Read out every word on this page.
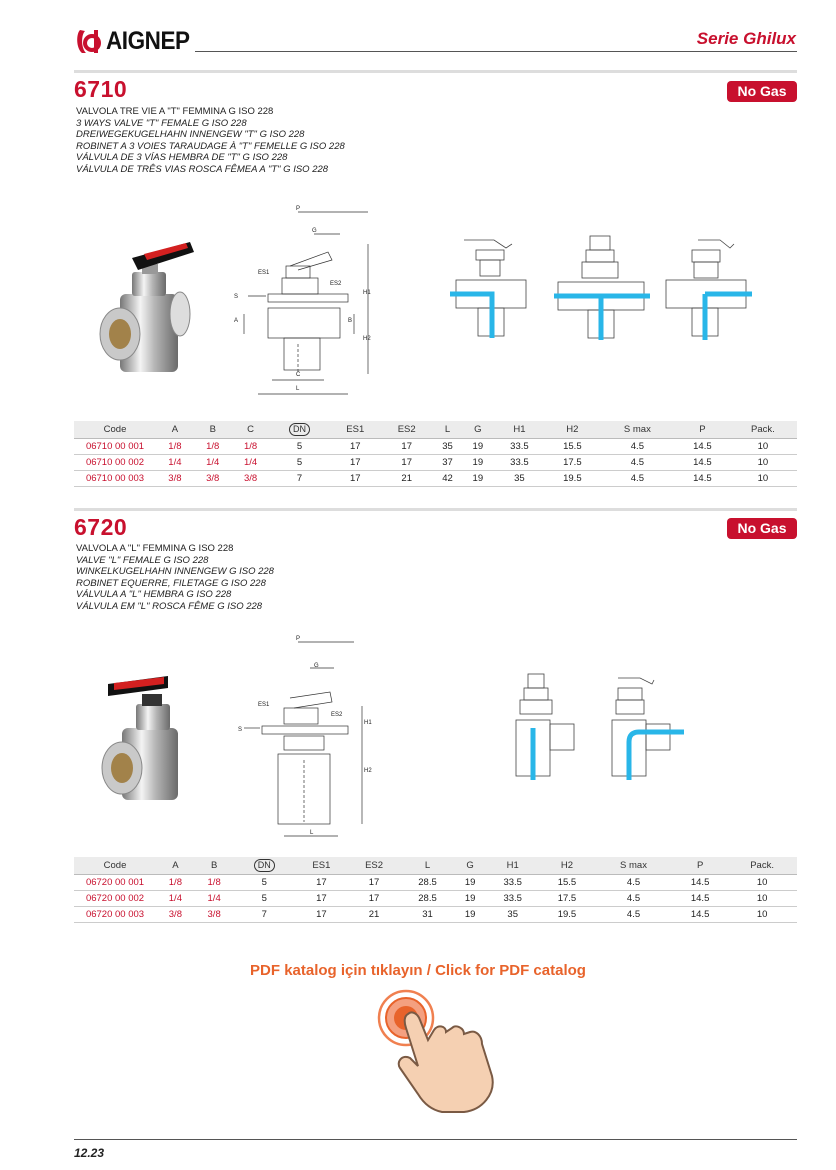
AIGNEP	Serie Ghilux
6710	No Gas
VALVOLA TRE VIE A "T" FEMMINA G ISO 228
3 WAYS VALVE "T" FEMALE G ISO 228
DREIWEGEKUGELHAHN INNENGEW "T" G ISO 228
ROBINET A 3 VOIES TARAUDAGE À "T" FEMELLE G ISO 228
VÁLVULA DE 3 VÍAS HEMBRA DE "T" G ISO 228
VÁLVULA DE TRÊS VIAS ROSCA FÊMEA A "T" G ISO 228
P
G
ES1
ES2
H1
H2
S
A	B
C
L
Code	A	B	C	DN	ES1	ES2	L	G	H1	H2	S max	P	Pack.
06710 00 001	1/8	1/8	1/8	5	17	17	35	19	33.5	15.5	4.5	14.5	10
06710 00 002	1/4	1/4	1/4	5	17	17	37	19	33.5	17.5	4.5	14.5	10
06710 00 003	3/8	3/8	3/8	7	17	21	42	19	35	19.5	4.5	14.5	10
6720	No Gas
VALVOLA A "L" FEMMINA G ISO 228
VALVE "L" FEMALE G ISO 228
WINKELKUGELHAHN INNENGEW G ISO 228
ROBINET EQUERRE, FILETAGE G ISO 228
VÁLVULA A "L" HEMBRA G ISO 228
VÁLVULA EM "L" ROSCA FÊME G ISO 228
P
G
ES1
ES2
H1
H2
S
L
Code	A	B	DN	ES1	ES2	L	G	H1	H2	S max	P	Pack.
06720 00 001	1/8	1/8	5	17	17	28.5	19	33.5	15.5	4.5	14.5	10
06720 00 002	1/4	1/4	5	17	17	28.5	19	33.5	17.5	4.5	14.5	10
06720 00 003	3/8	3/8	7	17	21	31	19	35	19.5	4.5	14.5	10
PDF katalog için tıklayın / Click for PDF catalog
12.23
